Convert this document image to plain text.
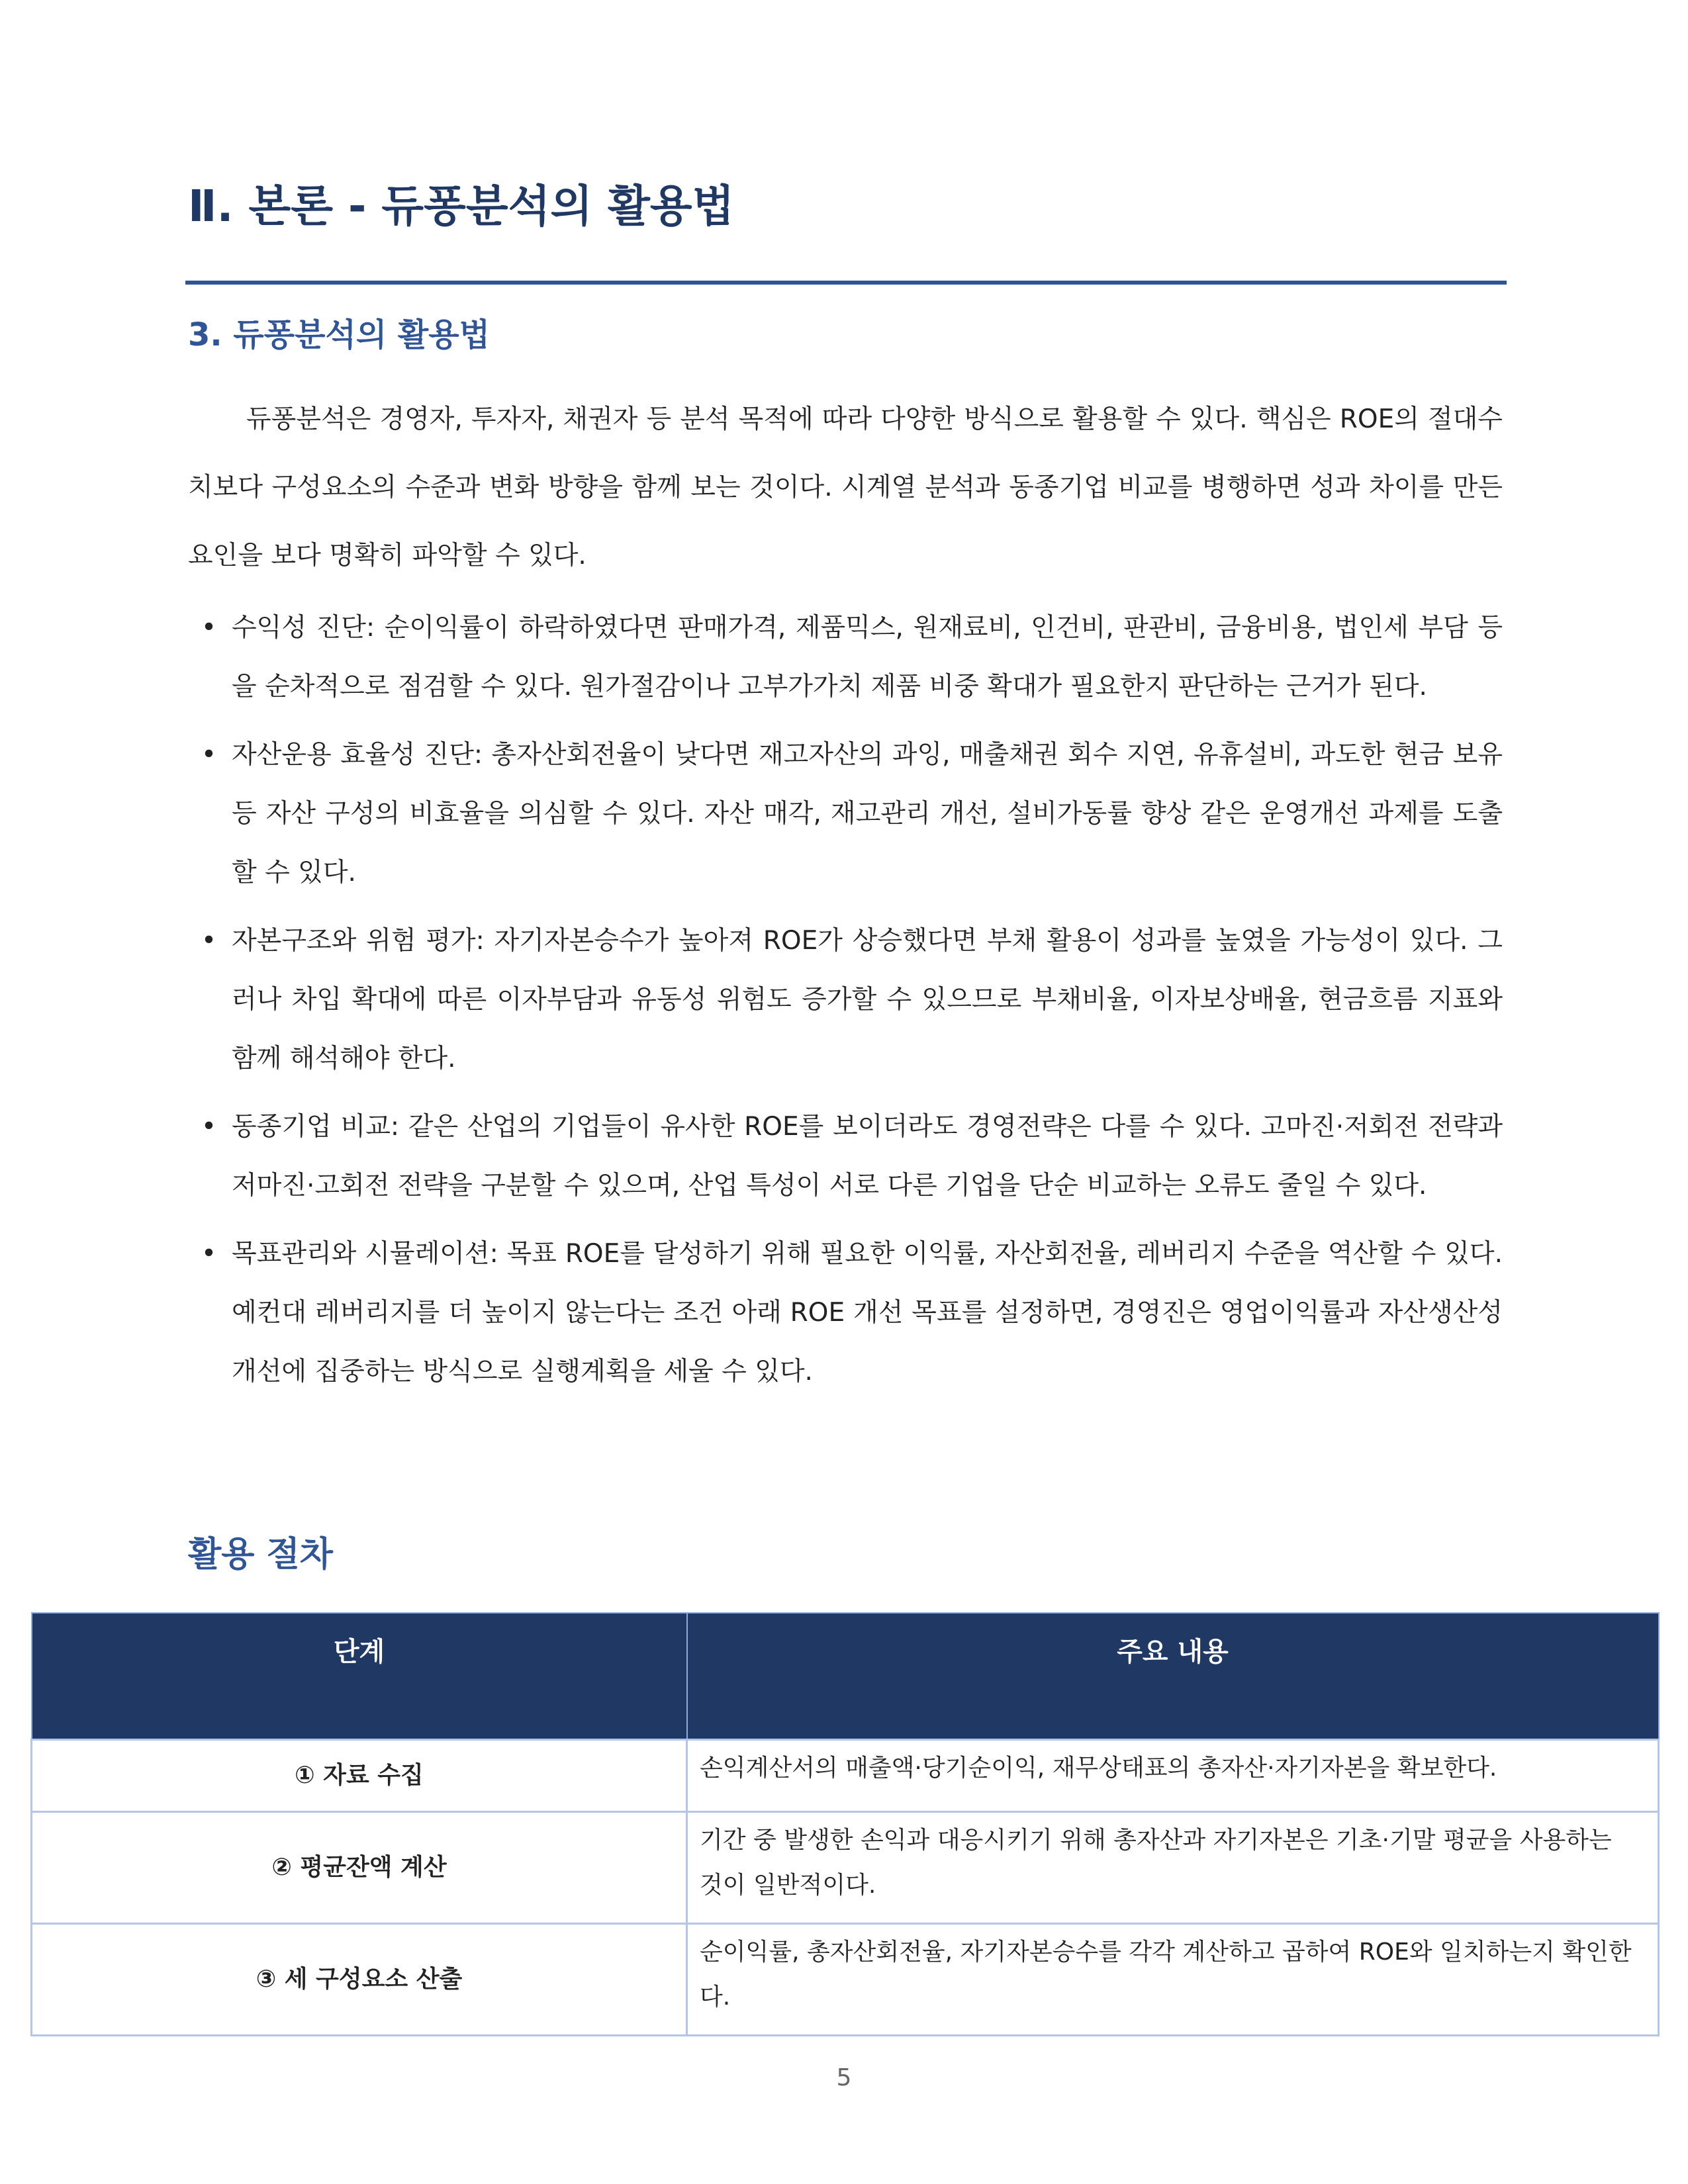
Ⅱ. 본론 - 듀퐁분석의 활용법
3. 듀퐁분석의 활용법

듀퐁분석은 경영자, 투자자, 채권자 등 분석 목적에 따라 다양한 방식으로 활용할 수 있다. 핵심은 ROE의 절대수치보다 구성요소의 수준과 변화 방향을 함께 보는 것이다. 시계열 분석과 동종기업 비교를 병행하면 성과 차이를 만든 요인을 보다 명확히 파악할 수 있다.

• 수익성 진단: 순이익률이 하락하였다면 판매가격, 제품믹스, 원재료비, 인건비, 판관비, 금융비용, 법인세 부담 등을 순차적으로 점검할 수 있다. 원가절감이나 고부가가치 제품 비중 확대가 필요한지 판단하는 근거가 된다.
• 자산운용 효율성 진단: 총자산회전율이 낮다면 재고자산의 과잉, 매출채권 회수 지연, 유휴설비, 과도한 현금 보유 등 자산 구성의 비효율을 의심할 수 있다. 자산 매각, 재고관리 개선, 설비가동률 향상 같은 운영개선 과제를 도출할 수 있다.
• 자본구조와 위험 평가: 자기자본승수가 높아져 ROE가 상승했다면 부채 활용이 성과를 높였을 가능성이 있다. 그러나 차입 확대에 따른 이자부담과 유동성 위험도 증가할 수 있으므로 부채비율, 이자보상배율, 현금흐름 지표와 함께 해석해야 한다.
• 동종기업 비교: 같은 산업의 기업들이 유사한 ROE를 보이더라도 경영전략은 다를 수 있다. 고마진·저회전 전략과 저마진·고회전 전략을 구분할 수 있으며, 산업 특성이 서로 다른 기업을 단순 비교하는 오류도 줄일 수 있다.
• 목표관리와 시뮬레이션: 목표 ROE를 달성하기 위해 필요한 이익률, 자산회전율, 레버리지 수준을 역산할 수 있다. 예컨대 레버리지를 더 높이지 않는다는 조건 아래 ROE 개선 목표를 설정하면, 경영진은 영업이익률과 자산생산성 개선에 집중하는 방식으로 실행계획을 세울 수 있다.
활용 절차
단계	주요 내용
① 자료 수집	손익계산서의 매출액·당기순이익, 재무상태표의 총자산·자기자본을 확보한다.
② 평균잔액 계산	기간 중 발생한 손익과 대응시키기 위해 총자산과 자기자본은 기초·기말 평균을 사용하는 것이 일반적이다.
③ 세 구성요소 산출	순이익률, 총자산회전율, 자기자본승수를 각각 계산하고 곱하여 ROE와 일치하는지 확인한다.
5
